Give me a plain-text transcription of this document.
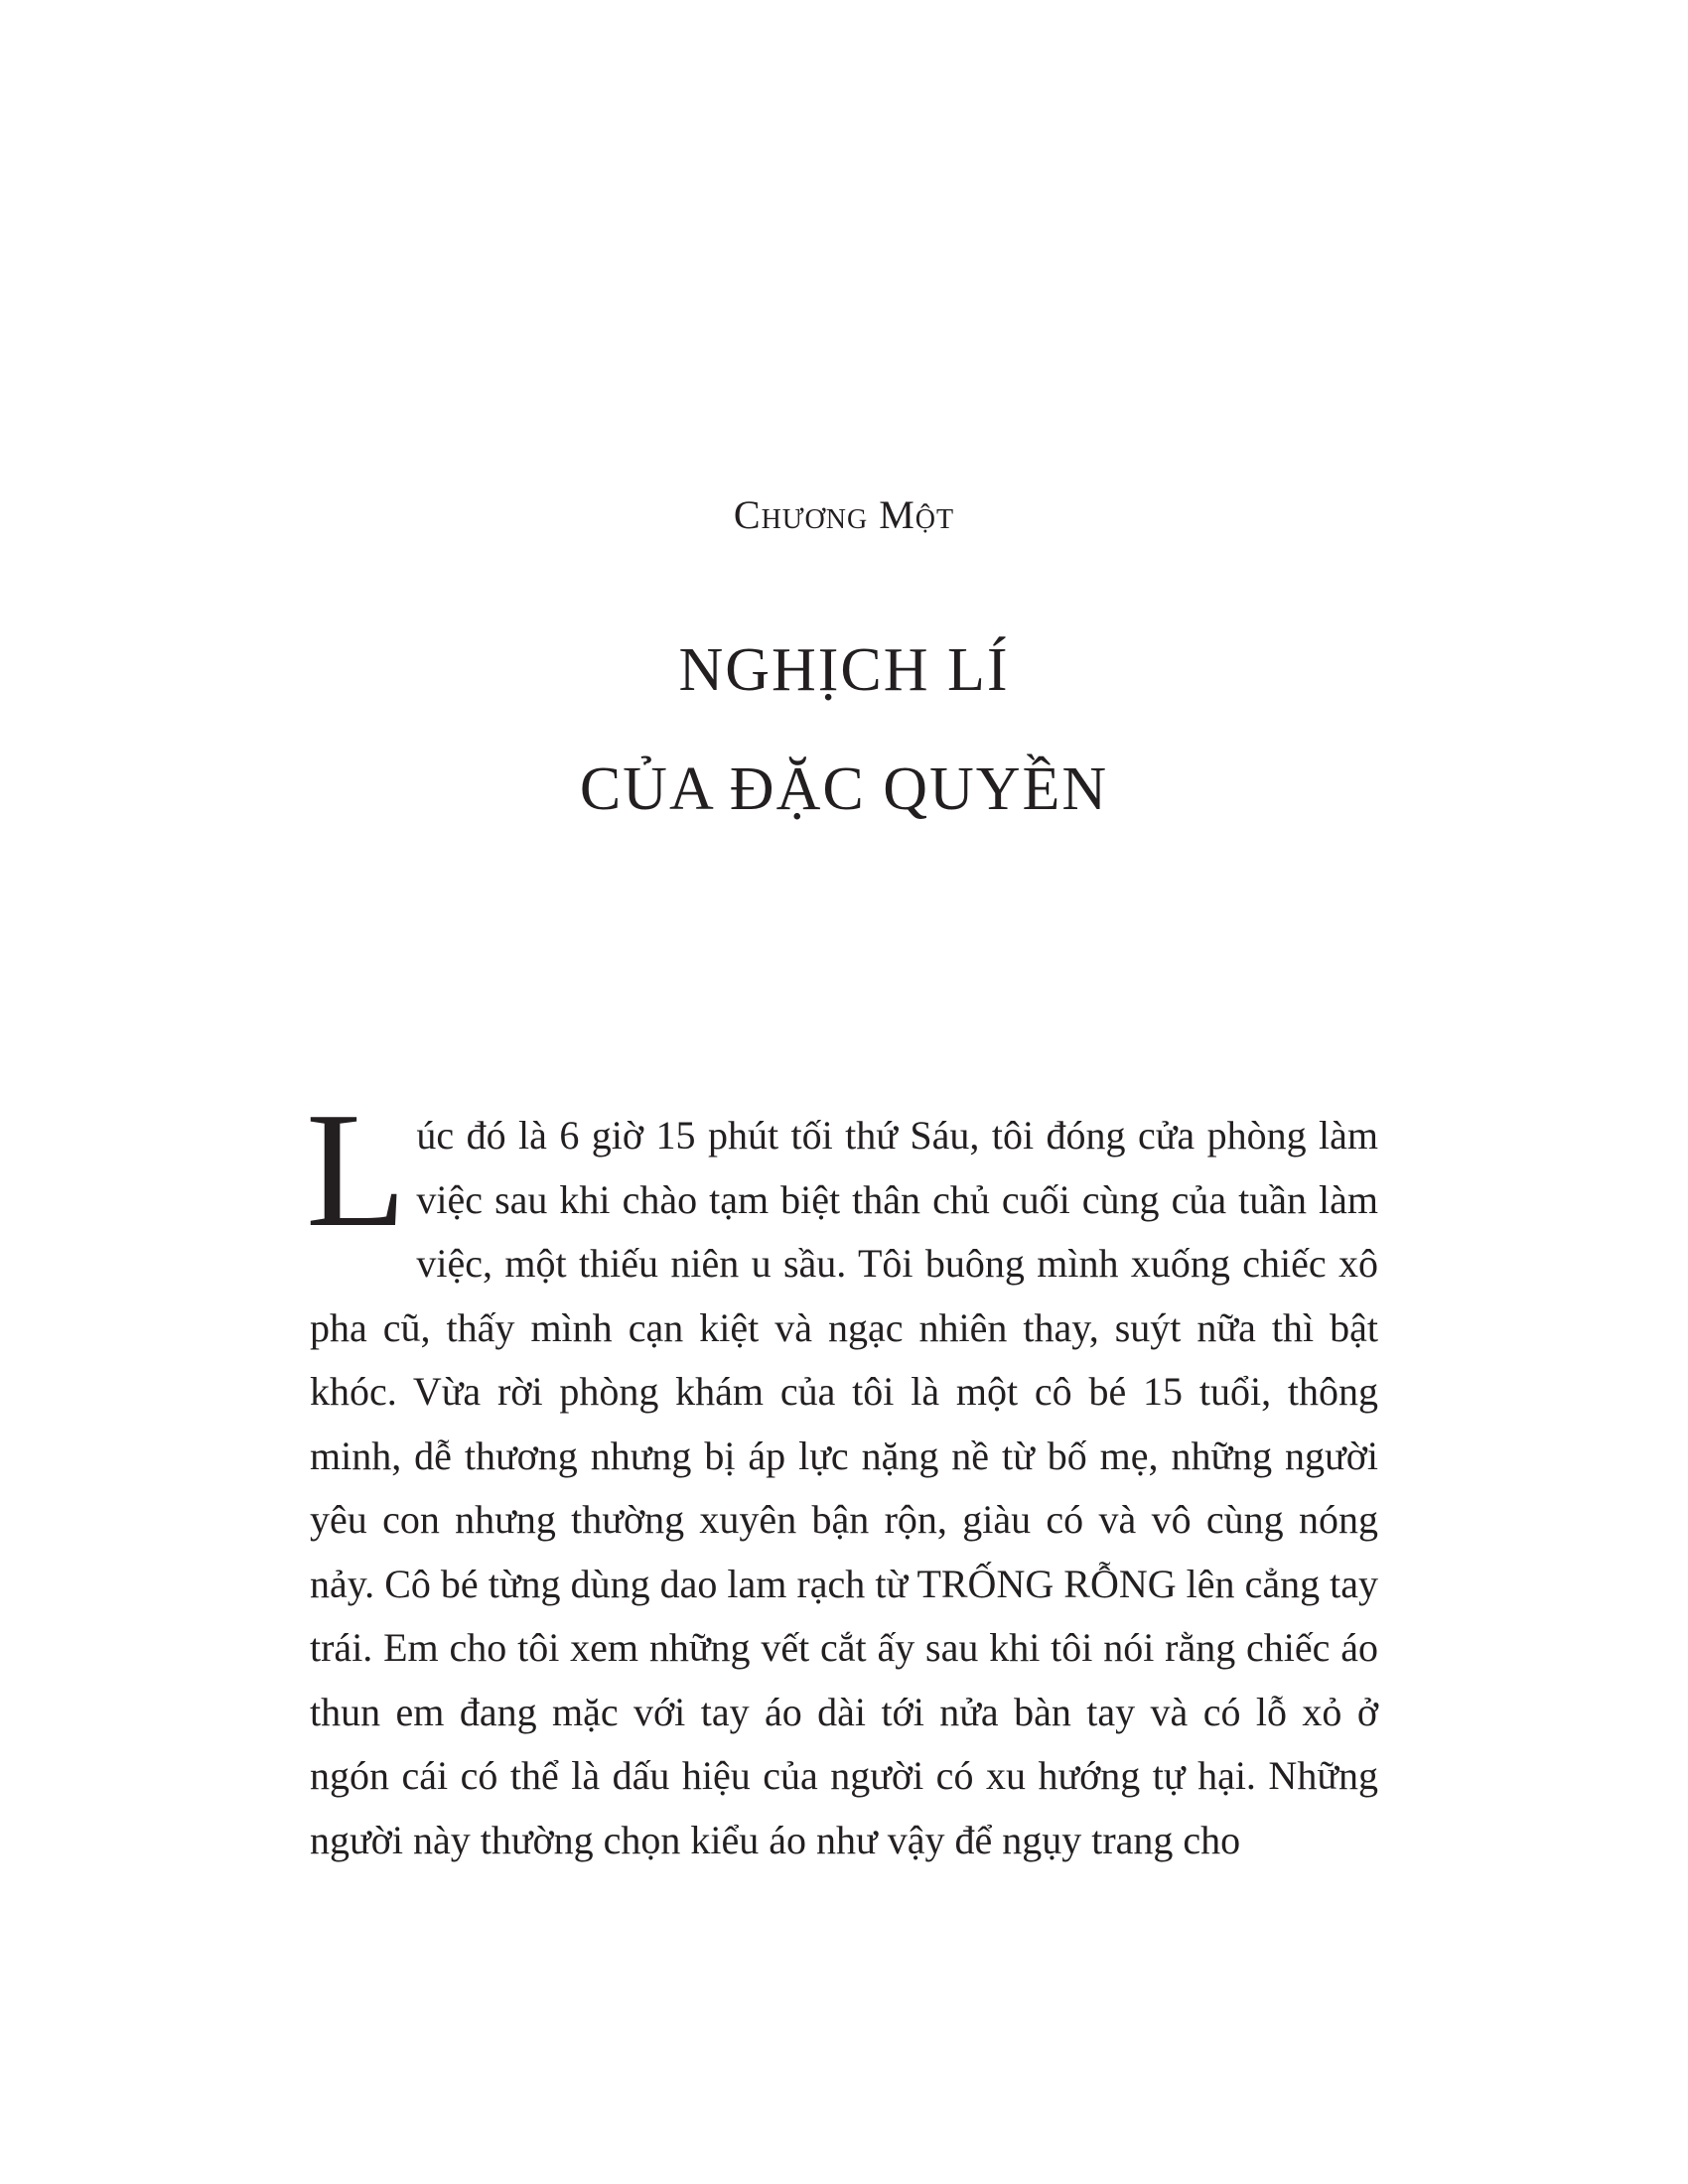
Chương Một
NGHỊCH LÍ
CỦA ĐẶC QUYỀN

Lúc đó là 6 giờ 15 phút tối thứ Sáu, tôi đóng cửa phòng làm việc sau khi chào tạm biệt thân chủ cuối cùng của tuần làm việc, một thiếu niên u sầu. Tôi buông mình xuống chiếc xô pha cũ, thấy mình cạn kiệt và ngạc nhiên thay, suýt nữa thì bật khóc. Vừa rời phòng khám của tôi là một cô bé 15 tuổi, thông minh, dễ thương nhưng bị áp lực nặng nề từ bố mẹ, những người yêu con nhưng thường xuyên bận rộn, giàu có và vô cùng nóng nảy. Cô bé từng dùng dao lam rạch từ TRỐNG RỖNG lên cẳng tay trái. Em cho tôi xem những vết cắt ấy sau khi tôi nói rằng chiếc áo thun em đang mặc với tay áo dài tới nửa bàn tay và có lỗ xỏ ở ngón cái có thể là dấu hiệu của người có xu hướng tự hại. Những người này thường chọn kiểu áo như vậy để ngụy trang cho
